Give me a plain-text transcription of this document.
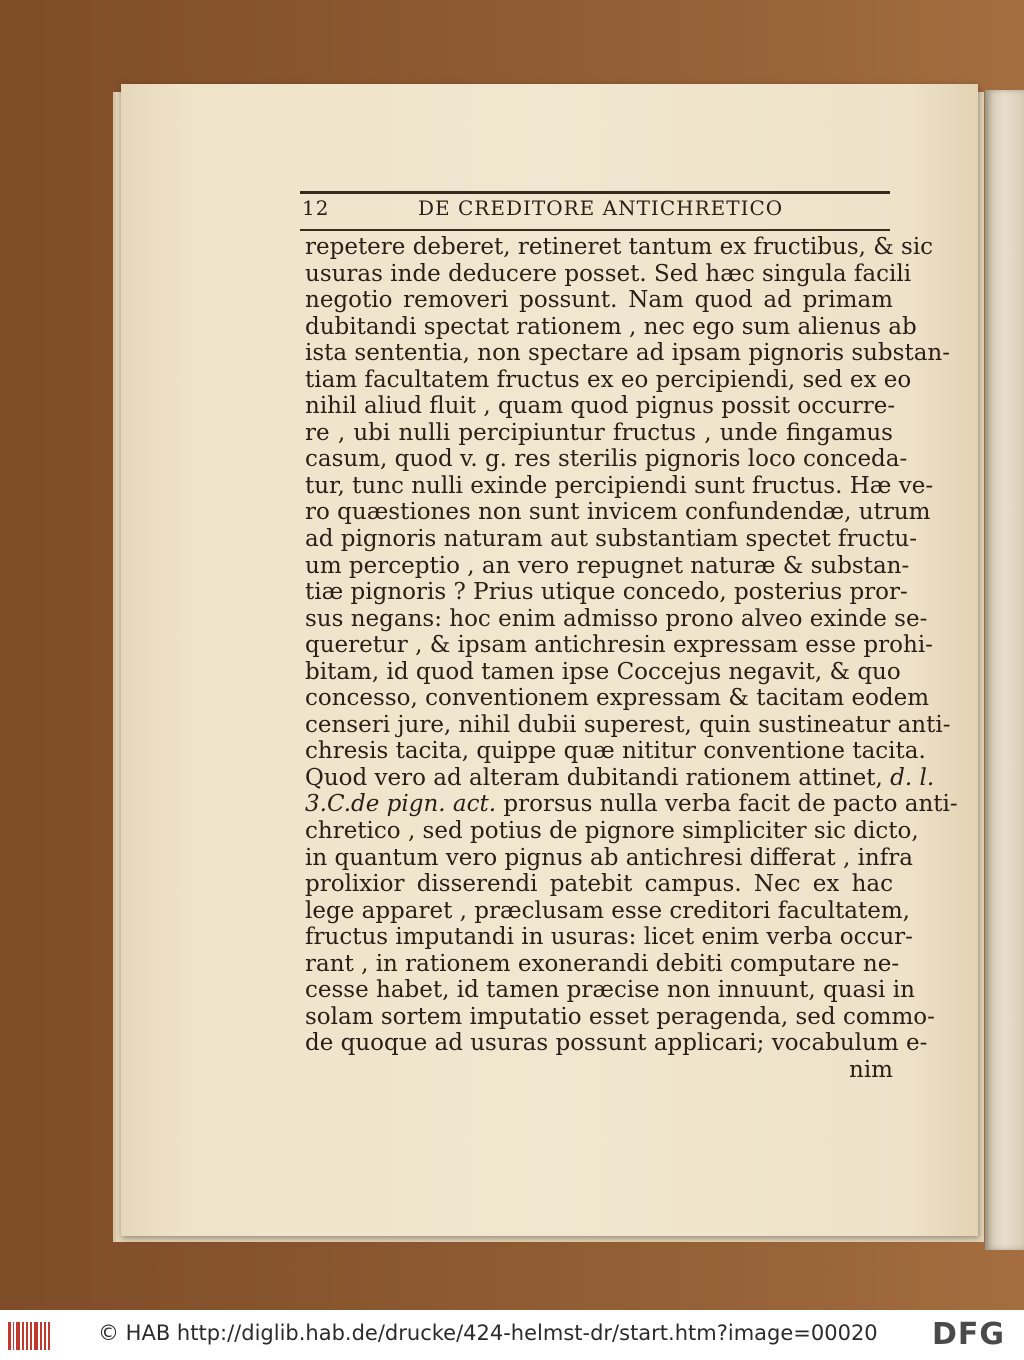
12	DE CREDITORE ANTICHRETICO
repetere deberet, retineret tantum ex fructibus, & sic
usuras inde deducere posset. Sed hæc singula facili
negotio removeri possunt. Nam quod ad primam
dubitandi spectat rationem , nec ego sum alienus ab
ista sententia, non spectare ad ipsam pignoris substan-
tiam facultatem fructus ex eo percipiendi, sed ex eo
nihil aliud fluit , quam quod pignus possit occurre-
re , ubi nulli percipiuntur fructus , unde fingamus
casum, quod v. g. res sterilis pignoris loco conceda-
tur, tunc nulli exinde percipiendi sunt fructus. Hæ ve-
ro quæstiones non sunt invicem confundendæ, utrum
ad pignoris naturam aut substantiam spectet fructu-
um perceptio , an vero repugnet naturæ & substan-
tiæ pignoris ? Prius utique concedo, posterius pror-
sus negans: hoc enim admisso prono alveo exinde se-
queretur , & ipsam antichresin expressam esse prohi-
bitam, id quod tamen ipse Coccejus negavit, & quo
concesso, conventionem expressam & tacitam eodem
censeri jure, nihil dubii superest, quin sustineatur anti-
chresis tacita, quippe quæ nititur conventione tacita.
Quod vero ad alteram dubitandi rationem attinet, d. l.
3.C.de pign. act. prorsus nulla verba facit de pacto anti-
chretico , sed potius de pignore simpliciter sic dicto,
in quantum vero pignus ab antichresi differat , infra
prolixior disserendi patebit campus. Nec ex hac
lege apparet , præclusam esse creditori facultatem,
fructus imputandi in usuras: licet enim verba occur-
rant , in rationem exonerandi debiti computare ne-
cesse habet, id tamen præcise non innuunt, quasi in
solam sortem imputatio esset peragenda, sed commo-
de quoque ad usuras possunt applicari; vocabulum e-
nim
© HAB http://diglib.hab.de/drucke/424-helmst-dr/start.htm?image=00020 DFG
